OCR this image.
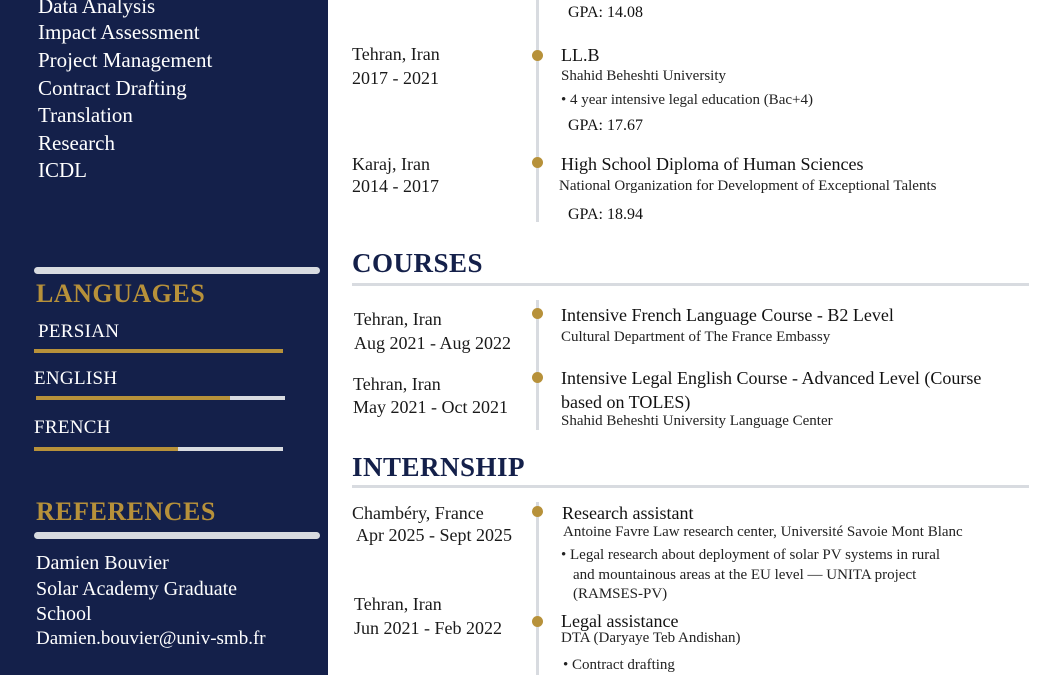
Data Analysis
Impact Assessment
Project Management
Contract Drafting
Translation
Research
ICDL
LANGUAGES
PERSIAN
ENGLISH
FRENCH
REFERENCES
Damien Bouvier
Solar Academy Graduate
School
Damien.bouvier@univ-smb.fr
GPA: 14.08
Tehran, Iran
2017 - 2021
LL.B
Shahid Beheshti University
• 4 year intensive legal education (Bac+4)
GPA: 17.67
Karaj, Iran
2014 - 2017
High School Diploma of Human Sciences
National Organization for Development of Exceptional Talents
GPA: 18.94
COURSES
Tehran, Iran
Aug 2021 - Aug 2022
Intensive French Language Course - B2 Level
Cultural Department of The France Embassy
Tehran, Iran
May 2021 - Oct 2021
Intensive Legal English Course - Advanced Level (Course
based on TOLES)
Shahid Beheshti University Language Center
INTERNSHIP
Chambéry, France
Apr 2025 - Sept 2025
Research assistant
Antoine Favre Law research center, Université Savoie Mont Blanc
• Legal research about deployment of solar PV systems in rural
and mountainous areas at the EU level — UNITA project
(RAMSES-PV)
Tehran, Iran
Jun 2021 - Feb 2022	Legal assistance
DTA (Daryaye Teb Andishan)
• Contract drafting
